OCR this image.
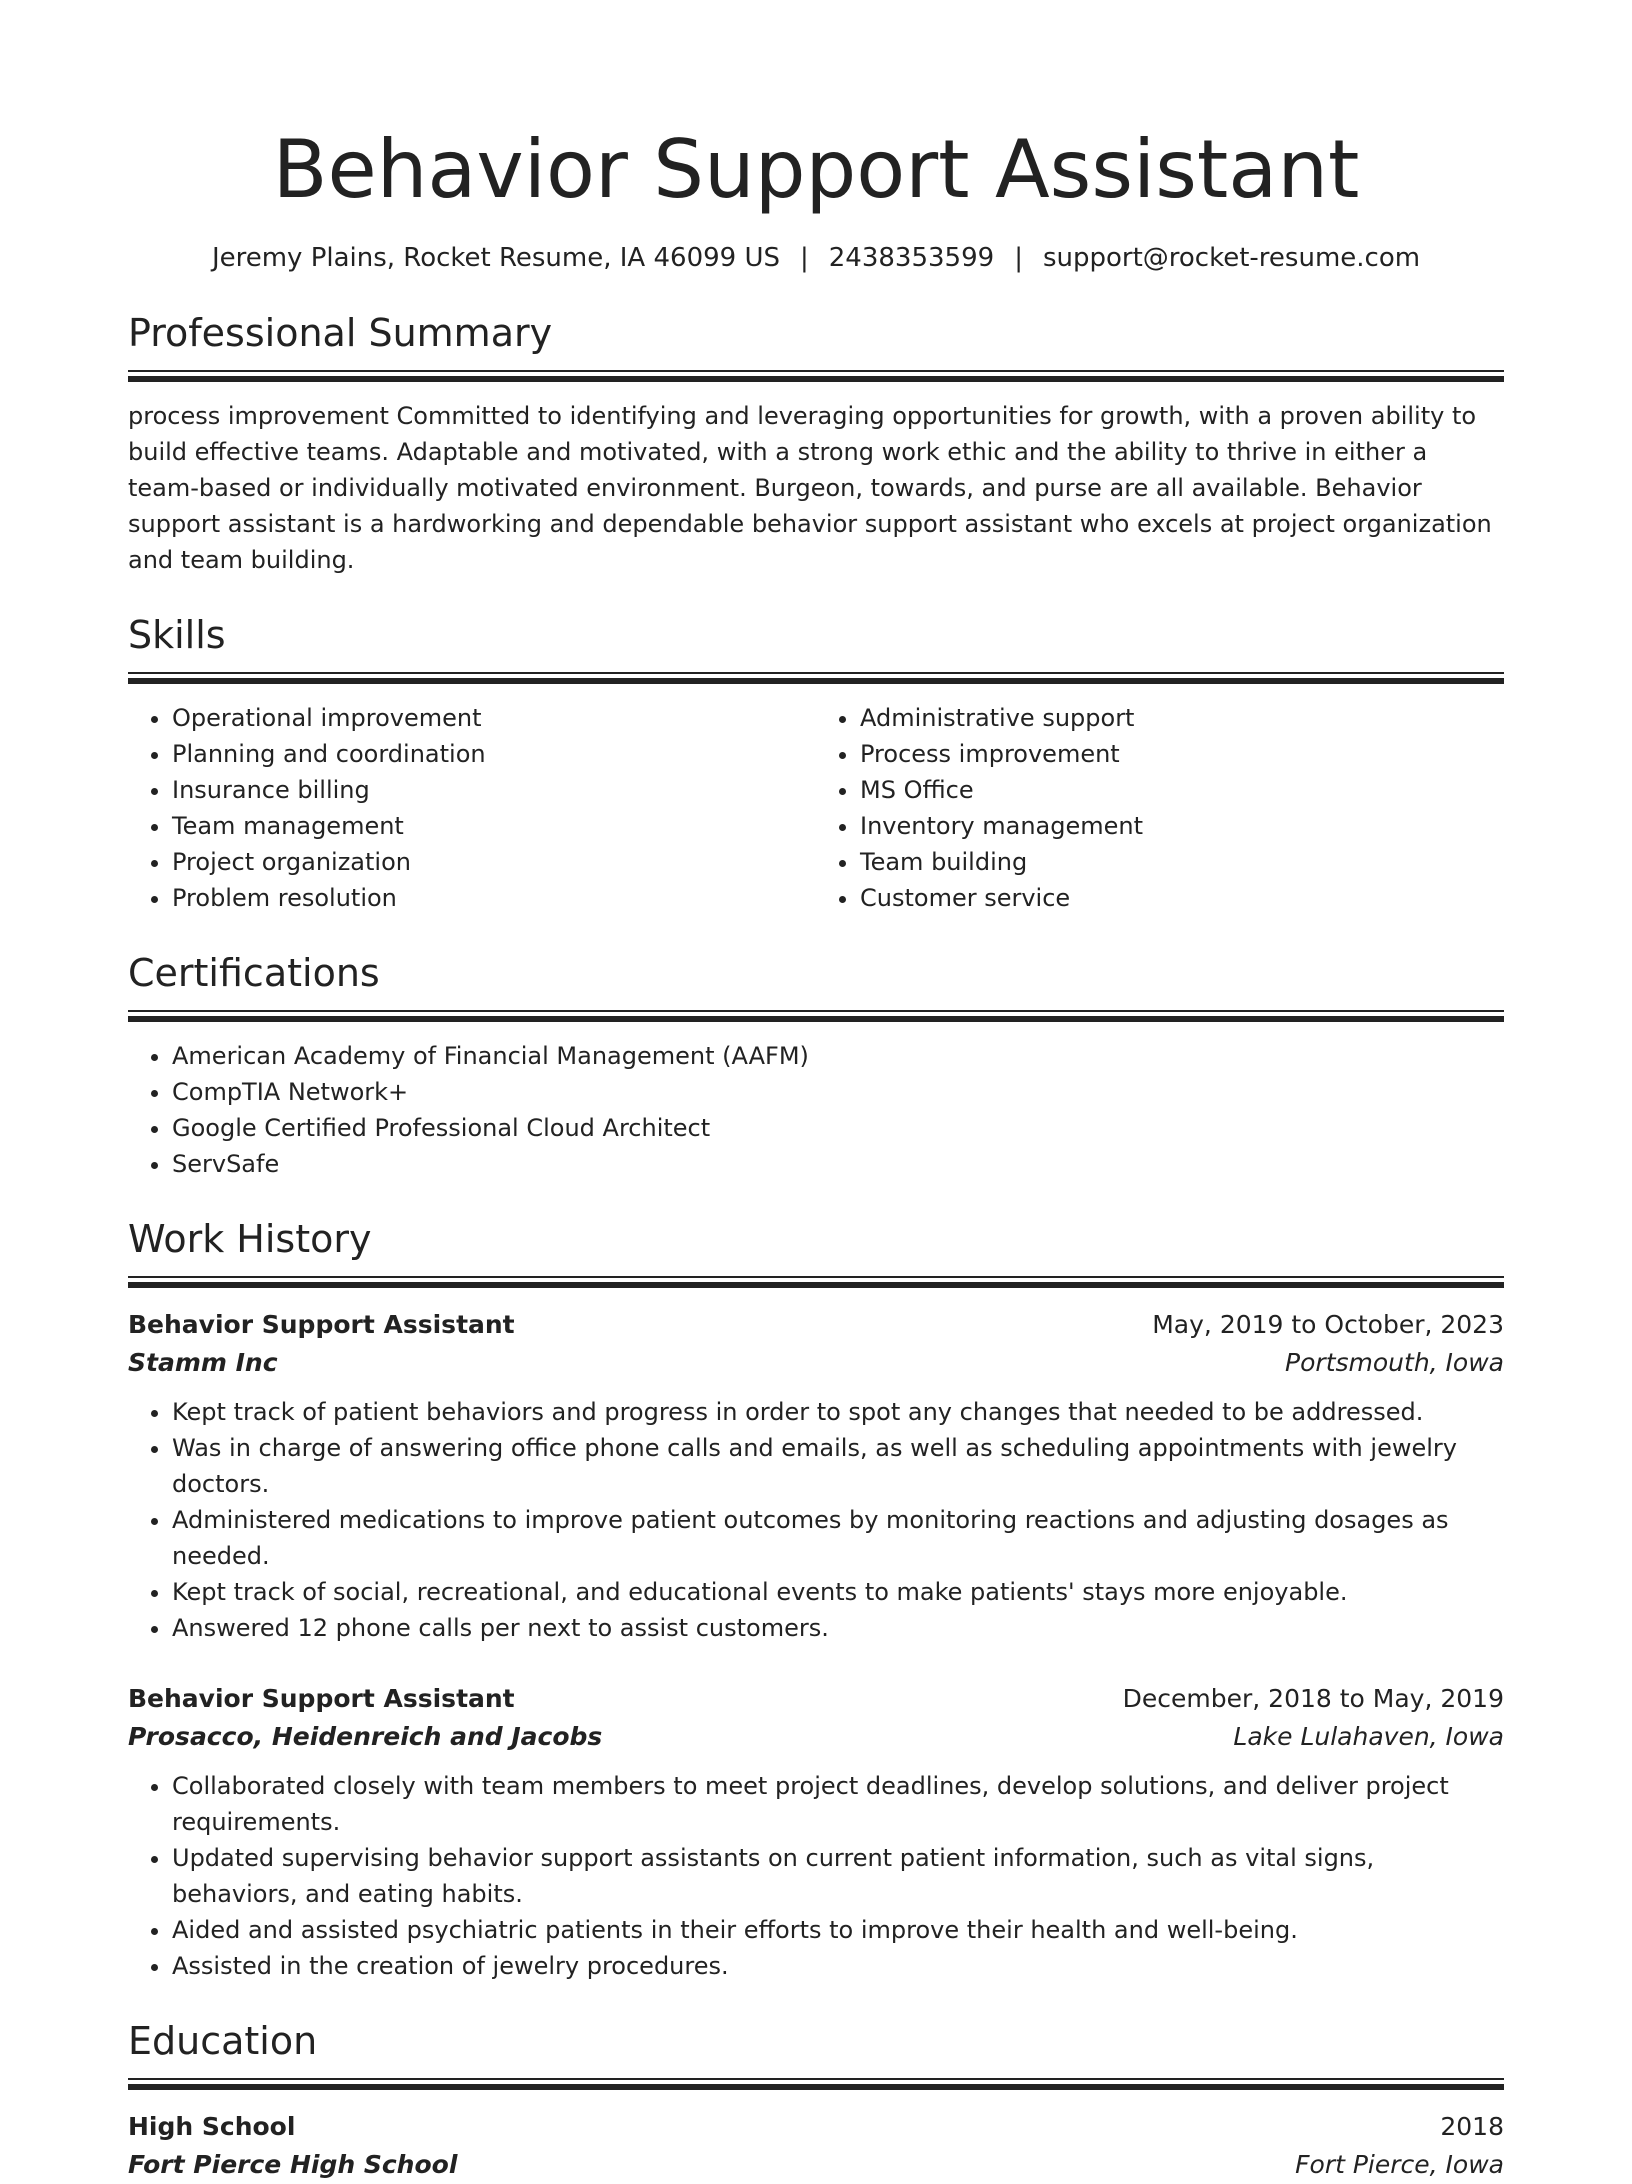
Behavior Support Assistant
Jeremy Plains, Rocket Resume, IA 46099 US | 2438353599 | support@rocket-resume.com
Professional Summary

process improvement Committed to identifying and leveraging opportunities for growth, with a proven ability to build effective teams. Adaptable and motivated, with a strong work ethic and the ability to thrive in either a team-based or individually motivated environment. Burgeon, towards, and purse are all available. Behavior support assistant is a hardworking and dependable behavior support assistant who excels at project organization and team building.

Skills
• Operational improvement
• Planning and coordination
• Insurance billing
• Team management
• Project organization
• Problem resolution
• Administrative support
• Process improvement
• MS Office
• Inventory management
• Team building
• Customer service
Certifications
• American Academy of Financial Management (AAFM)
• CompTIA Network+
• Google Certified Professional Cloud Architect
• ServSafe
Work History
Behavior Support Assistant	May, 2019 to October, 2023
Stamm Inc	Portsmouth, Iowa
• Kept track of patient behaviors and progress in order to spot any changes that needed to be addressed.
• Was in charge of answering office phone calls and emails, as well as scheduling appointments with jewelry doctors.
• Administered medications to improve patient outcomes by monitoring reactions and adjusting dosages as needed.
• Kept track of social, recreational, and educational events to make patients' stays more enjoyable.
• Answered 12 phone calls per next to assist customers.
Behavior Support Assistant	December, 2018 to May, 2019
Prosacco, Heidenreich and Jacobs	Lake Lulahaven, Iowa
• Collaborated closely with team members to meet project deadlines, develop solutions, and deliver project requirements.
• Updated supervising behavior support assistants on current patient information, such as vital signs, behaviors, and eating habits.
• Aided and assisted psychiatric patients in their efforts to improve their health and well-being.
• Assisted in the creation of jewelry procedures.
Education
High School	2018
Fort Pierce High School	Fort Pierce, Iowa
